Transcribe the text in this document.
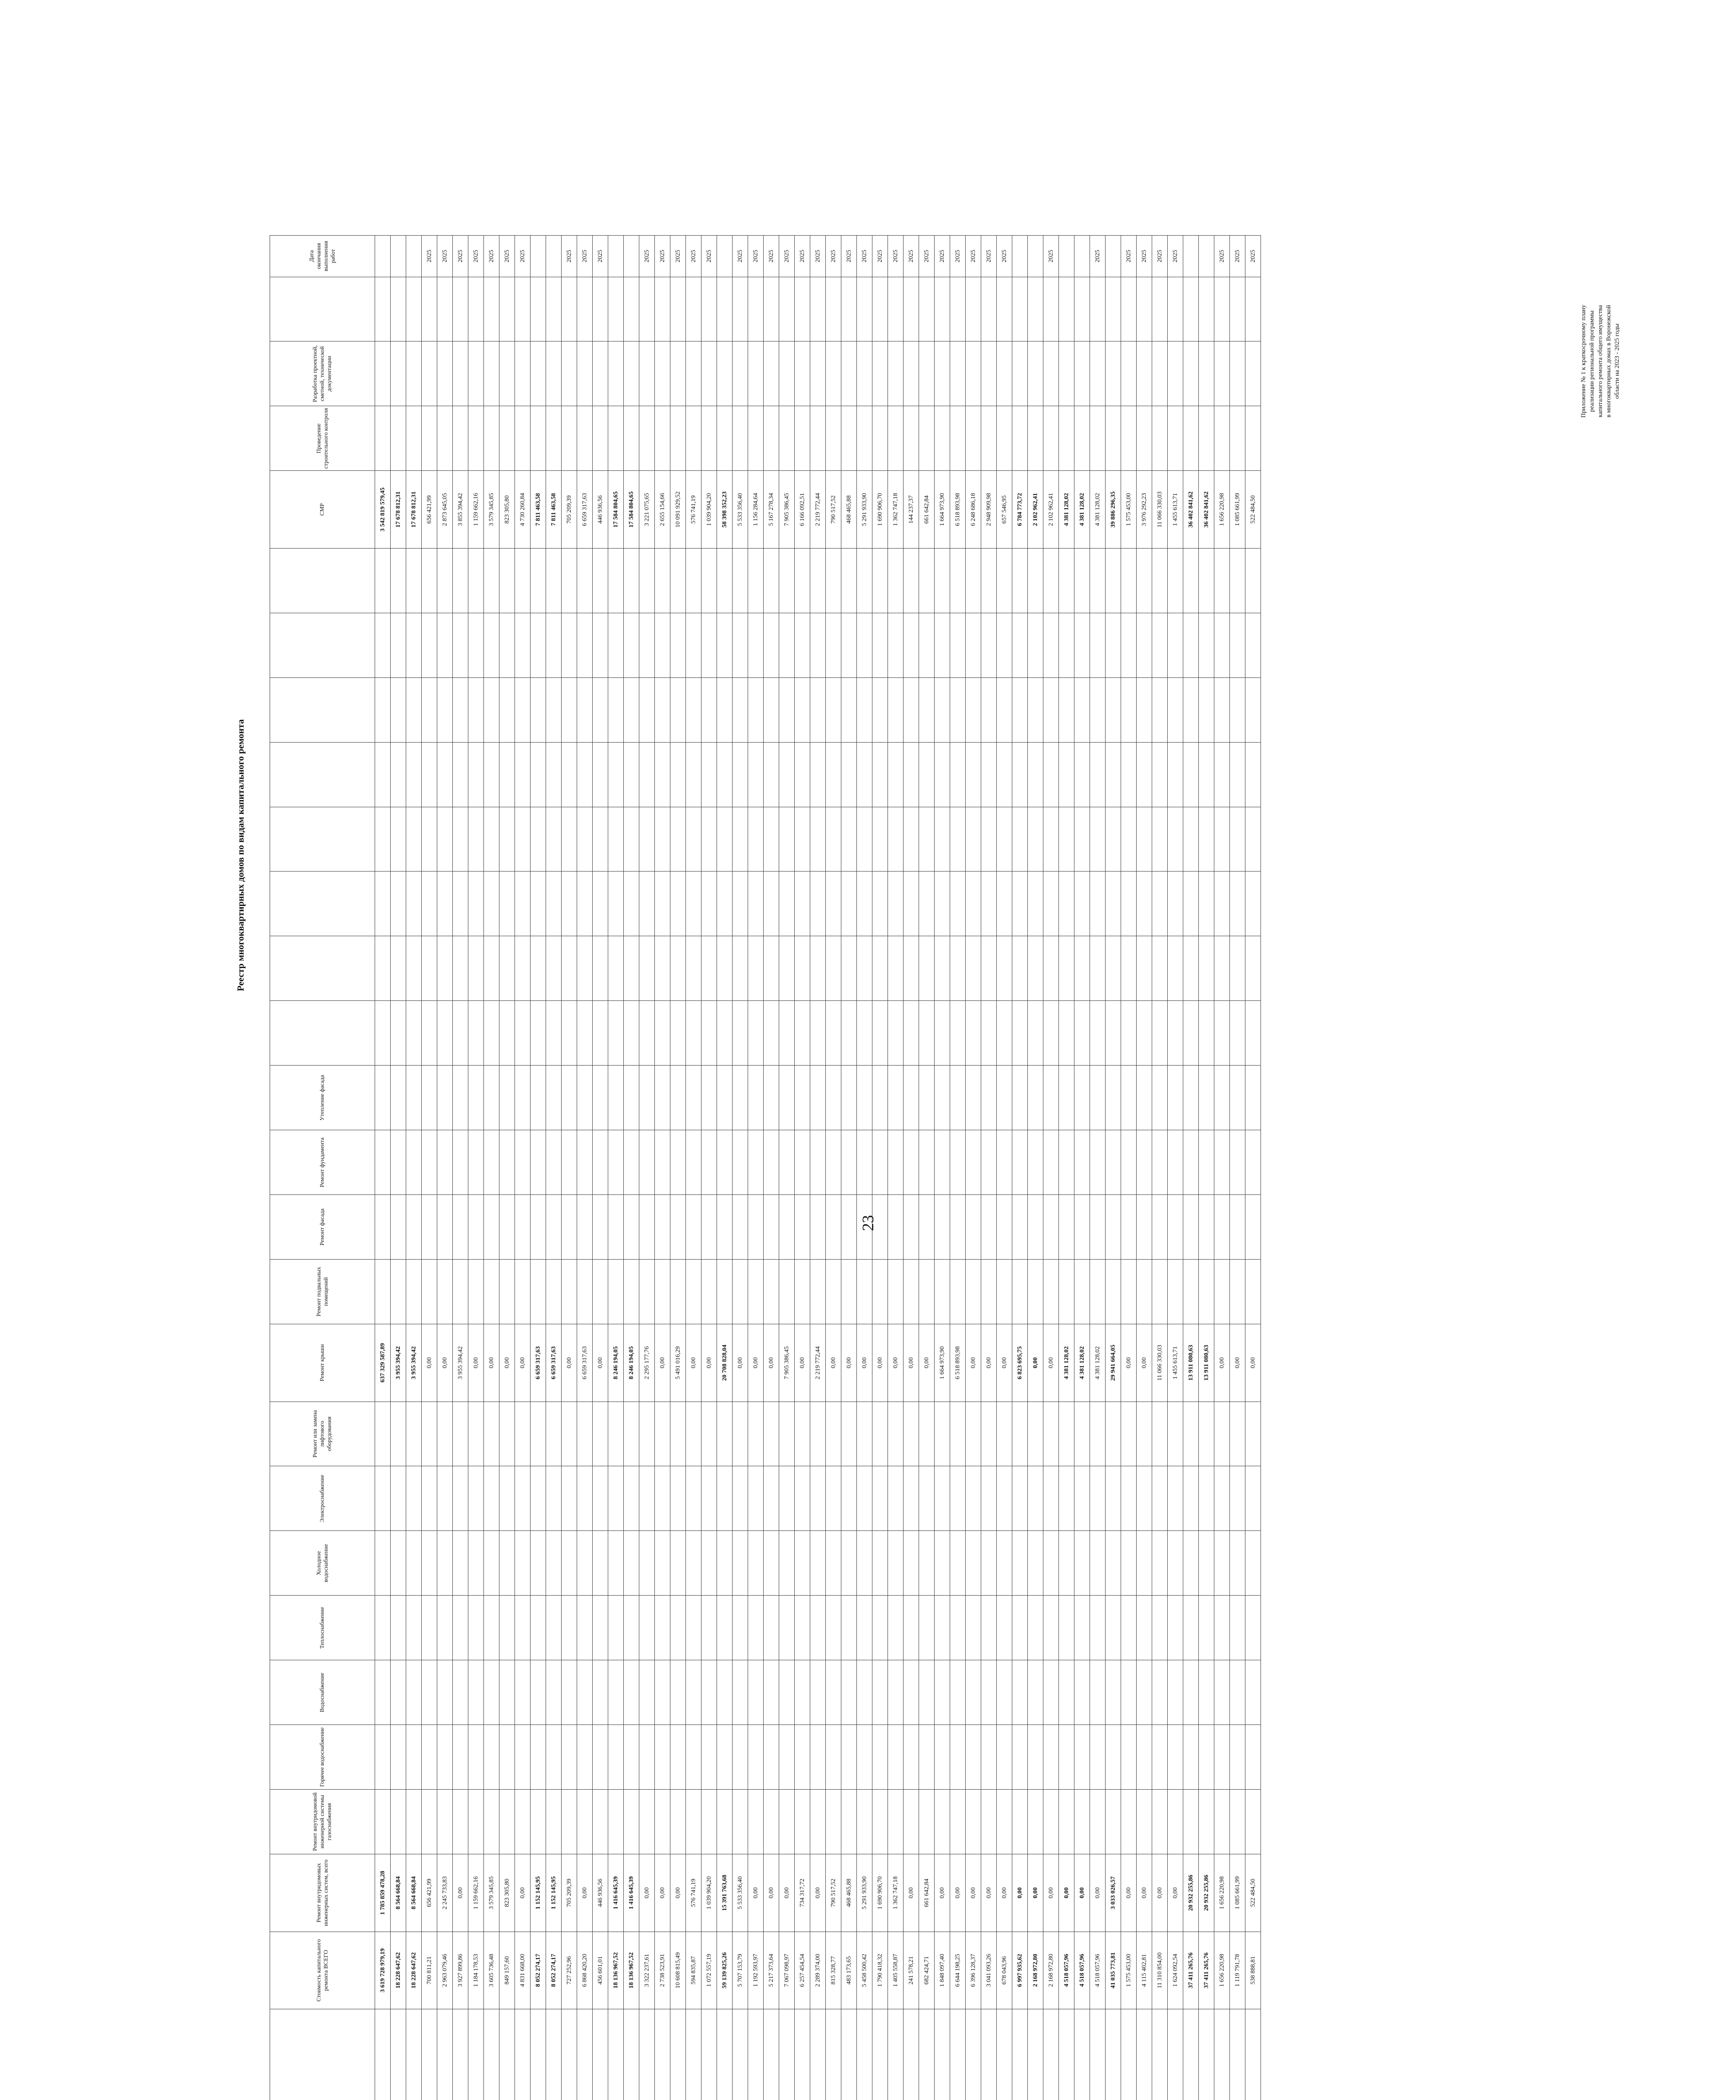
23
Приложение № 1 к краткосрочному плану реализации региональной программы капитального ремонта общего имущества в многоквартирных домах в Воронежской области на 2023 - 2025 годы
Реестр многоквартирных домов по видам капитального ремонта
		Стоимость капитального ремонта ВСЕГО	Ремонт внутридомовых инженерных систем, всего	Ремонт внутридомовой инженерной системы газоснабжения	Горячее водоснабжение	Водоснабжение	Теплоснабжение	Холодное водоснабжение	Электроснабжение	Ремонт или замена лифтового оборудования	Ремонт крыши	Ремонт подвальных помещений	Ремонт фасада	Ремонт фундамента	Утепление фасада									СМР	Проведение строительного контроля	Разработка проектной, сметной, технической документации		Дата окончания выполнения работ
		3 619 728 979,19	1 785 859 478,28								637 329 587,89													3 542 819 579,45				
		18 228 647,62	8 564 668,84								3 955 394,42													17 678 812,31				
		18 228 647,62	8 564 668,84								3 955 394,42													17 678 812,31				
		700 811,21	656 421,99								0,00													656 421,99				2025
		2 963 079,46	2 245 733,83								0,00													2 873 645,05				2025
		3 927 899,86	0,00								3 955 394,42													3 855 394,42				2025
		1 184 178,53	1 159 662,16								0,00													1 159 662,16				2025
		3 605 736,48	3 579 345,85								0,00													3 579 345,85				2025
		849 157,60	823 305,80								0,00													823 305,80				2025
		4 831 668,00	0,00								0,00													4 730 260,84				2025
		8 052 274,17	1 152 145,95								6 659 317,63													7 811 463,58				
		8 052 274,17	1 152 145,95								6 659 317,63													7 811 463,58				
		727 252,96	705 209,39								0,00													705 209,39				2025
		6 868 420,20	0,00								6 659 317,63													6 659 317,63				2025
		456 601,01	446 936,56								0,00													446 936,56				2025
		18 136 967,52	1 416 645,39								8 246 194,05													17 584 804,65				
		18 136 967,52	1 416 645,39								8 246 194,05													17 584 804,65				
		3 322 237,61	0,00								2 295 177,76													3 221 075,65				2025
		2 738 523,91	0,00								0,00													2 655 154,66				2025
		10 608 815,49	0,00								5 491 016,29													10 091 929,52				2025
		594 835,87	576 741,19								0,00													576 741,19				2025
		1 072 557,19	1 039 904,20								0,00													1 039 904,20				2025
		59 139 825,26	15 391 763,68								20 708 828,04													58 398 352,23				
		5 707 153,79	5 533 356,40								0,00													5 533 356,40				2025
		1 192 593,97	0,00								0,00													1 156 284,64				2025
		5 217 373,64	0,00								0,00													5 167 278,34				2025
		7 067 098,97	0,00								7 905 386,45													7 905 386,45				2025
		6 257 454,54	734 317,72								0,00													6 166 092,51				2025
		2 289 374,00	0,00								2 219 772,44													2 219 772,44				2025
		815 328,77	790 517,52								0,00													790 517,52				2025
		483 173,65	468 465,88								0,00													468 465,88				2025
		5 458 500,42	5 291 933,90								0,00													5 291 933,90				2025
		1 790 418,32	1 690 906,70								0,00													1 690 906,70				2025
		1 405 558,87	1 362 747,18								0,00													1 362 747,18				2025
		241 578,21	0,00								0,00													144 237,37				2025
		682 424,71	661 642,84								0,00													661 642,84				2025
		1 848 097,40	0,00								1 664 973,90													1 664 973,90				2025
		6 644 198,25	0,00								6 518 893,98													6 518 893,98				2025
		6 396 128,37	0,00								0,00													6 248 686,18				2025
		3 041 093,26	0,00								0,00													2 948 909,98				2025
		678 043,96	0,00								0,00													657 546,95				2025
		6 997 935,62	0,00								6 823 695,75													6 784 773,72				
		2 168 972,80	0,00								0,00													2 102 962,41				
		2 168 972,80	0,00								0,00													2 102 962,41				2025
		4 518 057,96	0,00								4 381 128,02													4 381 128,02				
		4 518 057,96	0,00								4 381 128,02													4 381 128,02				
		4 518 057,96	0,00								4 381 128,02													4 381 128,02				2025
		41 035 773,81	3 033 026,57								29 941 664,05													39 886 296,35				
		1 575 453,00	0,00								0,00													1 575 453,00				2025
		4 115 402,81	0,00								0,00													3 976 292,23				2025
		11 310 854,00	0,00								11 066 330,03													11 066 330,03				2025
		1 624 092,54	0,00								1 455 613,71													1 455 613,71				2025
		37 411 265,76	20 932 255,86								13 911 080,63													36 402 841,62				
		37 411 265,76	20 932 255,86								13 911 080,63													36 402 841,62				
		1 656 220,98	1 656 220,98								0,00													1 656 220,98				2025
		1 119 791,78	1 085 661,99								0,00													1 085 661,99				2025
		538 888,81	522 484,50								0,00													522 484,50				2025
